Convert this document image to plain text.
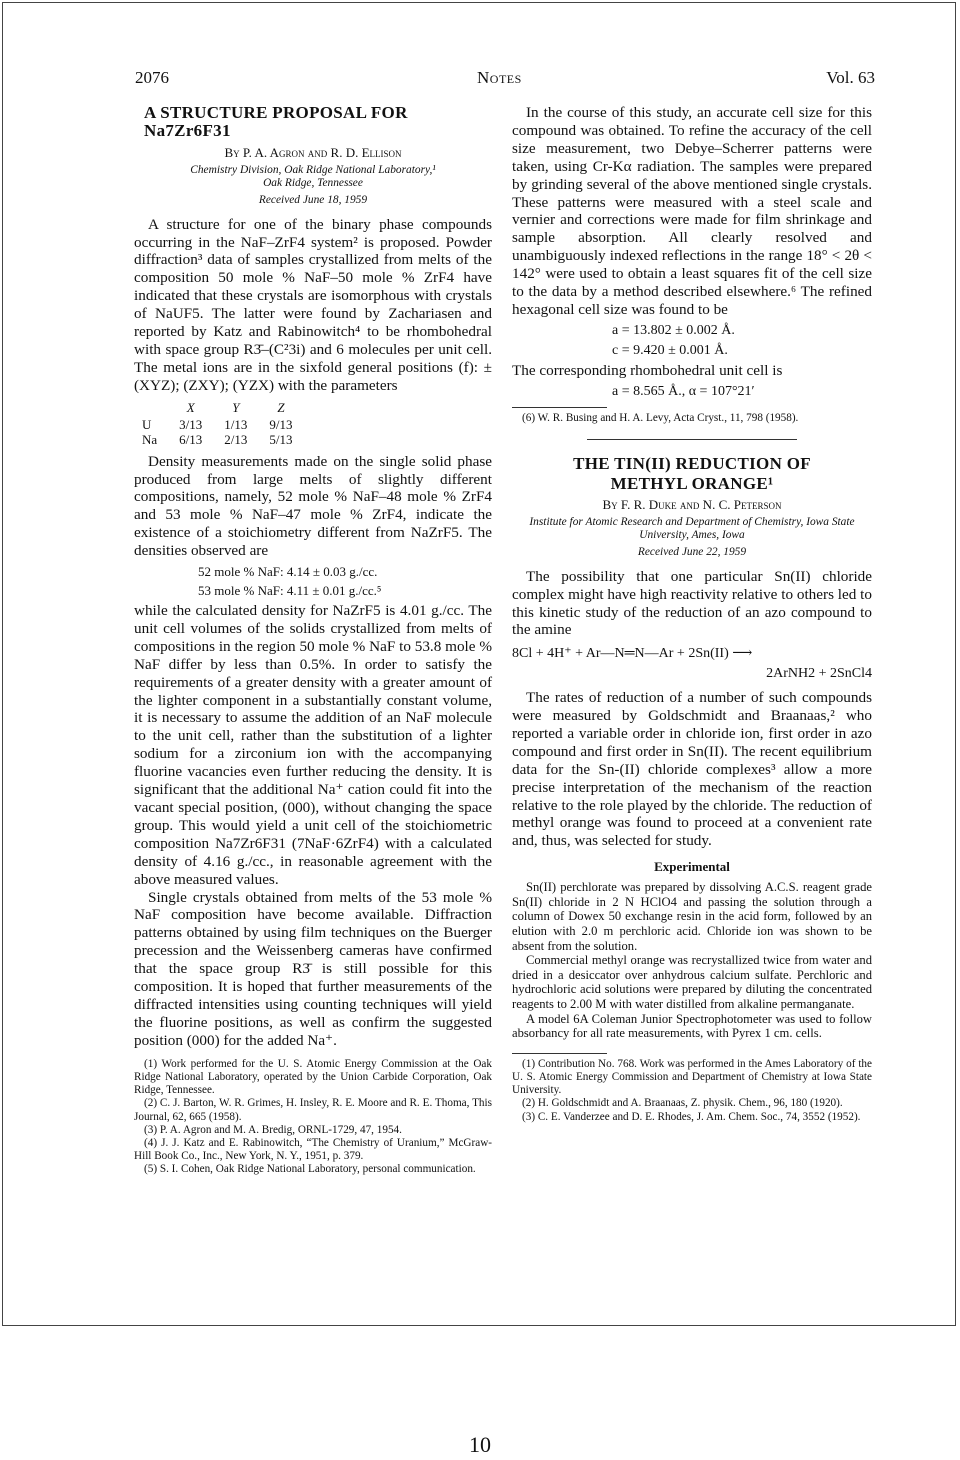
2076	Notes	Vol. 63
A STRUCTURE PROPOSAL FOR Na7Zr6F31
By P. A. Agron and R. D. Ellison
Chemistry Division, Oak Ridge National Laboratory,¹
Oak Ridge, Tennessee
Received June 18, 1959

A structure for one of the binary phase compounds occurring in the NaF–ZrF4 system² is proposed. Powder diffraction³ data of samples crystallized from melts of the composition 50 mole % NaF–50 mole % ZrF4 have indicated that these crystals are isomorphous with crystals of NaUF5. The latter were found by Zachariasen and reported by Katz and Rabinowitch⁴ to be rhombohedral with space group R3̄–(C²3i) and 6 molecules per unit cell. The metal ions are in the sixfold general positions (f): ± (XYZ); (ZXY); (YZX) with the parameters

	X	Y	Z
U	3/13	1/13	9/13
Na	6/13	2/13	5/13

Density measurements made on the single solid phase produced from large melts of slightly different compositions, namely, 52 mole % NaF–48 mole % ZrF4 and 53 mole % NaF–47 mole % ZrF4, indicate the existence of a stoichiometry different from NaZrF5. The densities observed are

52 mole % NaF: 4.14 ± 0.03 g./cc.
53 mole % NaF: 4.11 ± 0.01 g./cc.⁵

while the calculated density for NaZrF5 is 4.01 g./cc. The unit cell volumes of the solids crystallized from melts of compositions in the region 50 mole % NaF to 53.8 mole % NaF differ by less than 0.5%. In order to satisfy the requirements of a greater density with a greater amount of the lighter component in a substantially constant volume, it is necessary to assume the addition of an NaF molecule to the unit cell, rather than the substitution of a lighter sodium for a zirconium ion with the accompanying fluorine vacancies even further reducing the density. It is significant that the additional Na⁺ cation could fit into the vacant special position, (000), without changing the space group. This would yield a unit cell of the stoichiometric composition Na7Zr6F31 (7NaF·6ZrF4) with a calculated density of 4.16 g./cc., in reasonable agreement with the above measured values.

Single crystals obtained from melts of the 53 mole % NaF composition have become available. Diffraction patterns obtained by using film techniques on the Buerger precession and the Weissenberg cameras have confirmed that the space group R3̄ is still possible for this composition. It is hoped that further measurements of the diffracted intensities using counting techniques will yield the fluorine positions, as well as confirm the suggested position (000) for the added Na⁺.

(1) Work performed for the U. S. Atomic Energy Commission at the Oak Ridge National Laboratory, operated by the Union Carbide Corporation, Oak Ridge, Tennessee.

(2) C. J. Barton, W. R. Grimes, H. Insley, R. E. Moore and R. E. Thoma, This Journal, 62, 665 (1958).

(3) P. A. Agron and M. A. Bredig, ORNL-1729, 47, 1954.

(4) J. J. Katz and E. Rabinowitch, “The Chemistry of Uranium,” McGraw-Hill Book Co., Inc., New York, N. Y., 1951, p. 379.

(5) S. I. Cohen, Oak Ridge National Laboratory, personal communication.

In the course of this study, an accurate cell size for this compound was obtained. To refine the accuracy of the cell size measurement, two Debye–Scherrer patterns were taken, using Cr-Kα radiation. The samples were prepared by grinding several of the above mentioned single crystals. These patterns were measured with a steel scale and vernier and corrections were made for film shrinkage and sample absorption. All clearly resolved and unambiguously indexed reflections in the range 18° < 2θ < 142° were used to obtain a least squares fit of the cell size to the data by a method described elsewhere.⁶ The refined hexagonal cell size was found to be

a = 13.802 ± 0.002 Å.
c = 9.420 ± 0.001 Å.

The corresponding rhombohedral unit cell is

a = 8.565 Å., α = 107°21′

(6) W. R. Busing and H. A. Levy, Acta Cryst., 11, 798 (1958).

THE TIN(II) REDUCTION OF
METHYL ORANGE¹
By F. R. Duke and N. C. Peterson
Institute for Atomic Research and Department of Chemistry, Iowa State University, Ames, Iowa
Received June 22, 1959

The possibility that one particular Sn(II) chloride complex might have high reactivity relative to others led to this kinetic study of the reduction of an azo compound to the amine

8Cl + 4H⁺ + Ar—N═N—Ar + 2Sn(II) ⟶
2ArNH2 + 2SnCl4

The rates of reduction of a number of such compounds were measured by Goldschmidt and Braanaas,² who reported a variable order in chloride ion, first order in azo compound and first order in Sn(II). The recent equilibrium data for the Sn-(II) chloride complexes³ allow a more precise interpretation of the mechanism of the reaction relative to the role played by the chloride. The reduction of methyl orange was found to proceed at a convenient rate and, thus, was selected for study.

Experimental

Sn(II) perchlorate was prepared by dissolving A.C.S. reagent grade Sn(II) chloride in 2 N HClO4 and passing the solution through a column of Dowex 50 exchange resin in the acid form, followed by an elution with 2.0 m perchloric acid. Chloride ion was shown to be absent from the solution.

Commercial methyl orange was recrystallized twice from water and dried in a desiccator over anhydrous calcium sulfate. Perchloric and hydrochloric acid solutions were prepared by diluting the concentrated reagents to 2.00 M with water distilled from alkaline permanganate.

A model 6A Coleman Junior Spectrophotometer was used to follow absorbancy for all rate measurements, with Pyrex 1 cm. cells.

(1) Contribution No. 768. Work was performed in the Ames Laboratory of the U. S. Atomic Energy Commission and Department of Chemistry at Iowa State University.

(2) H. Goldschmidt and A. Braanaas, Z. physik. Chem., 96, 180 (1920).

(3) C. E. Vanderzee and D. E. Rhodes, J. Am. Chem. Soc., 74, 3552 (1952).

10
